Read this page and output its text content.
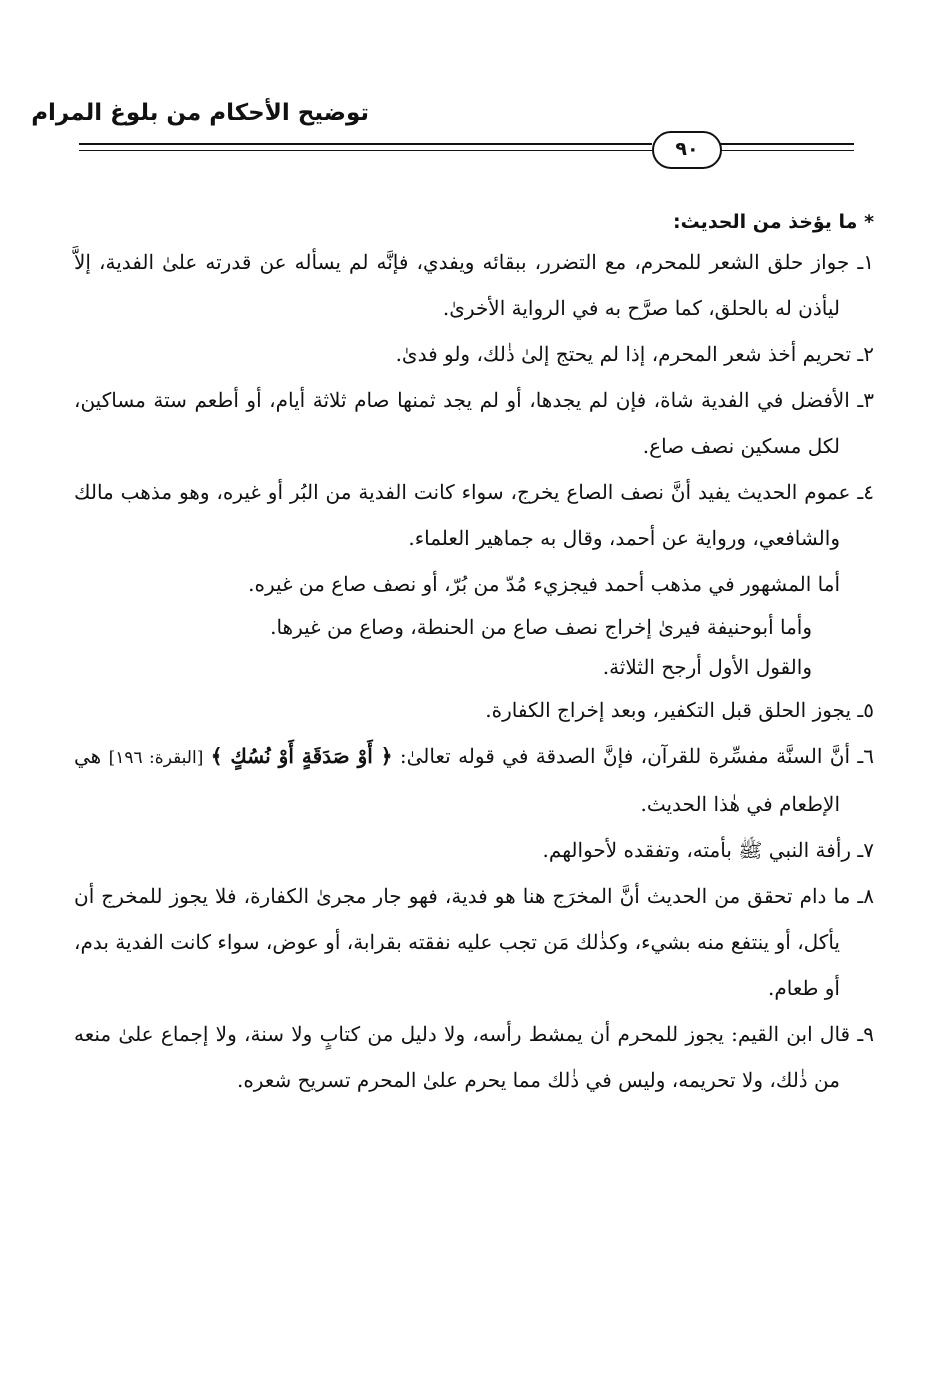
توضيح الأحكام من بلوغ المرام
٩٠

* ما يؤخذ من الحديث:

١ـ جواز حلق الشعر للمحرم، مع التضرر، ببقائه ويفدي، فإنَّه لم يسأله عن قدرته علىٰ الفدية، إلاَّ ليأذن له بالحلق، كما صرَّح به في الرواية الأخرىٰ.

٢ـ تحريم أخذ شعر المحرم، إذا لم يحتج إلىٰ ذٰلك، ولو فدىٰ.

٣ـ الأفضل في الفدية شاة، فإن لم يجدها، أو لم يجد ثمنها صام ثلاثة أيام، أو أطعم ستة مساكين، لكل مسكين نصف صاع.

٤ـ عموم الحديث يفيد أنَّ نصف الصاع يخرج، سواء كانت الفدية من البُر أو غيره، وهو مذهب مالك والشافعي، ورواية عن أحمد، وقال به جماهير العلماء.

أما المشهور في مذهب أحمد فيجزيء مُدّ من بُرّ، أو نصف صاع من غيره.

وأما أبوحنيفة فيرىٰ إخراج نصف صاع من الحنطة، وصاع من غيرها.

والقول الأول أرجح الثلاثة.

٥ـ يجوز الحلق قبل التكفير، وبعد إخراج الكفارة.

٦ـ أنَّ السنَّة مفسِّرة للقرآن، فإنَّ الصدقة في قوله تعالىٰ: ﴿ أَوْ صَدَقَةٍ أَوْ نُسُكٍ ﴾ [البقرة: ١٩٦] هي الإطعام في هٰذا الحديث.

٧ـ رأفة النبي ﷺ بأمته، وتفقده لأحوالهم.

٨ـ ما دام تحقق من الحديث أنَّ المخرَج هنا هو فدية، فهو جار مجرىٰ الكفارة، فلا يجوز للمخرج أن يأكل، أو ينتفع منه بشيء، وكذٰلك مَن تجب عليه نفقته بقرابة، أو عوض، سواء كانت الفدية بدم، أو طعام.

٩ـ قال ابن القيم: يجوز للمحرم أن يمشط رأسه، ولا دليل من كتابٍ ولا سنة، ولا إجماع علىٰ منعه من ذٰلك، ولا تحريمه، وليس في ذٰلك مما يحرم علىٰ المحرم تسريح شعره.
